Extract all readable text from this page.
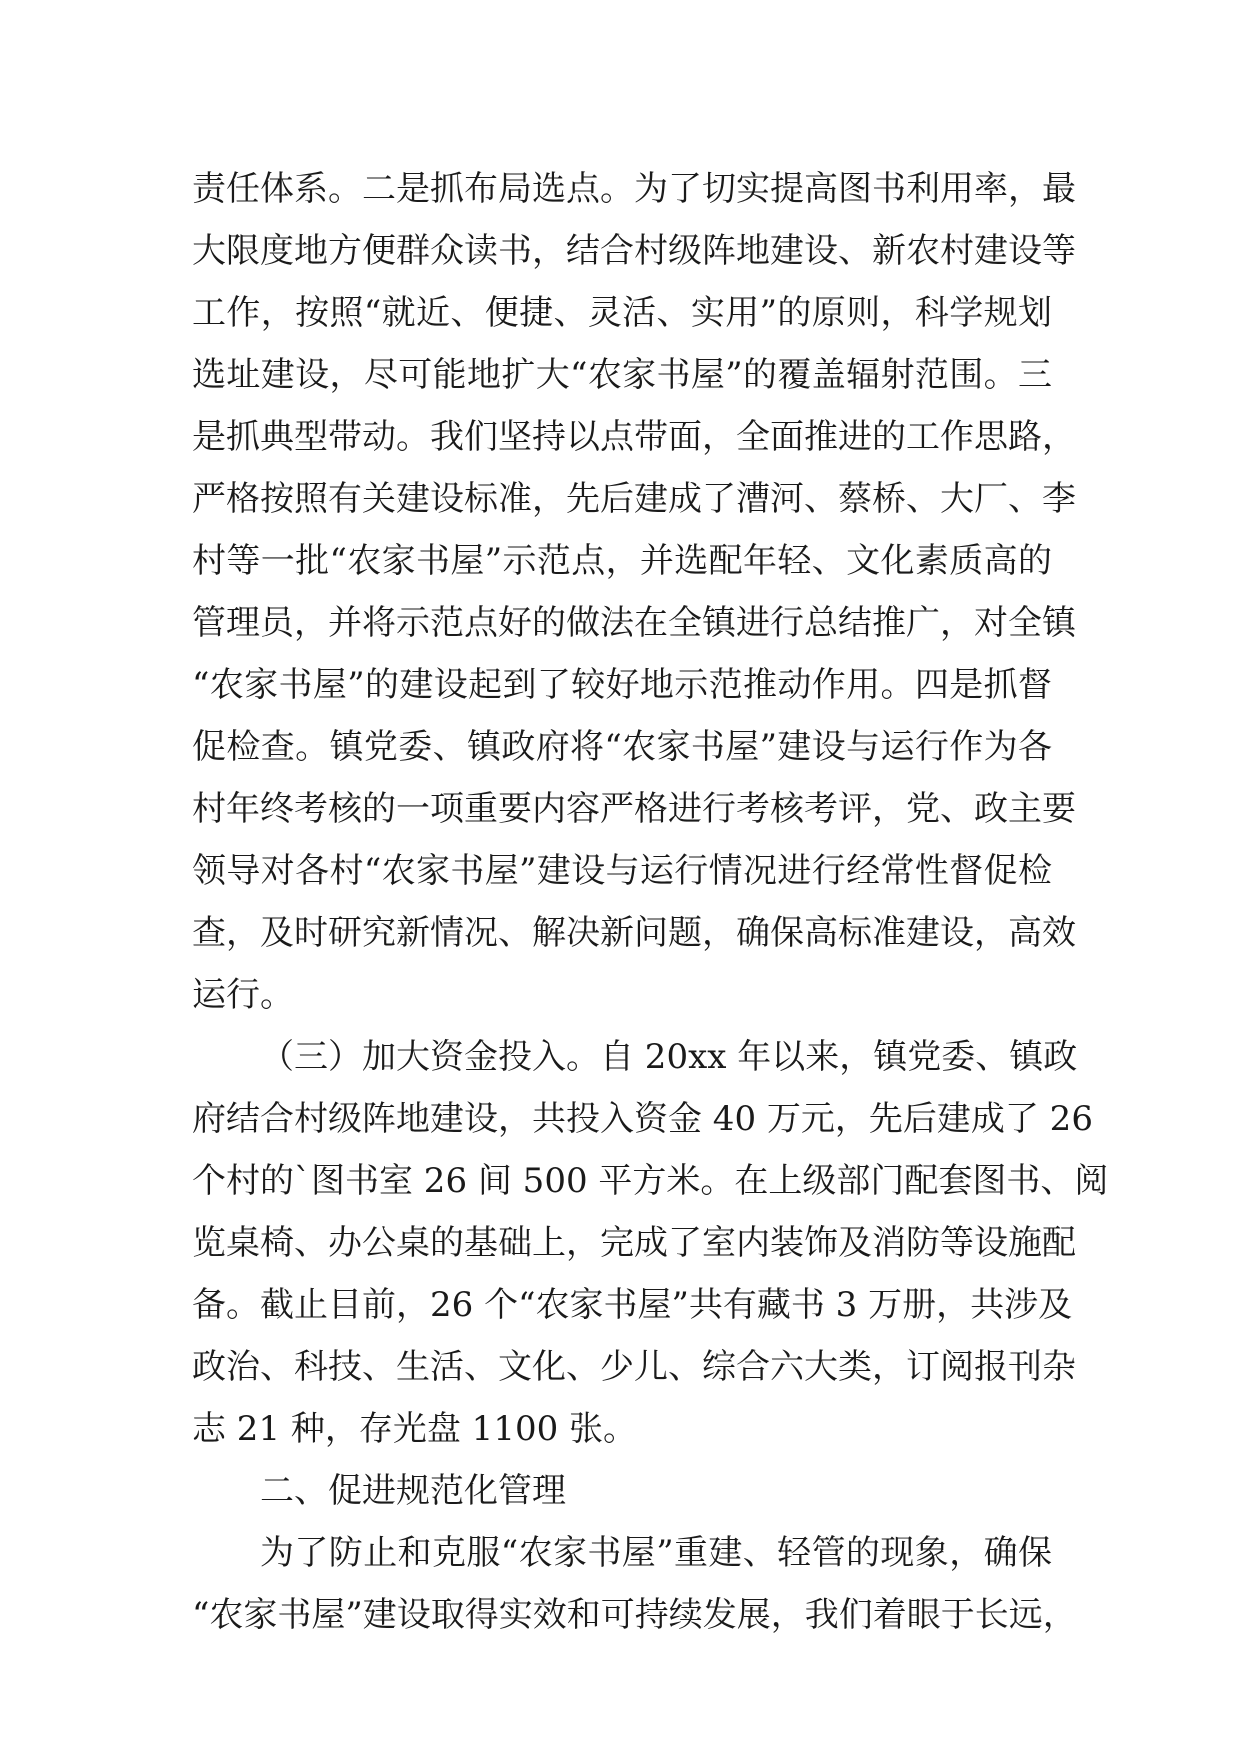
责任体系。二是抓布局选点。为了切实提高图书利用率，最
大限度地方便群众读书，结合村级阵地建设、新农村建设等
工作，按照“就近、便捷、灵活、实用”的原则，科学规划
选址建设，尽可能地扩大“农家书屋”的覆盖辐射范围。三
是抓典型带动。我们坚持以点带面，全面推进的工作思路，
严格按照有关建设标准，先后建成了漕河、蔡桥、大厂、李
村等一批“农家书屋”示范点，并选配年轻、文化素质高的
管理员，并将示范点好的做法在全镇进行总结推广，对全镇
“农家书屋”的建设起到了较好地示范推动作用。四是抓督
促检查。镇党委、镇政府将“农家书屋”建设与运行作为各
村年终考核的一项重要内容严格进行考核考评，党、政主要
领导对各村“农家书屋”建设与运行情况进行经常性督促检
查，及时研究新情况、解决新问题，确保高标准建设，高效
运行。
（三）加大资金投入。自 20xx 年以来，镇党委、镇政
府结合村级阵地建设，共投入资金 40 万元，先后建成了 26
个村的`图书室 26 间 500 平方米。在上级部门配套图书、阅
览桌椅、办公桌的基础上，完成了室内装饰及消防等设施配
备。截止目前，26 个“农家书屋”共有藏书 3 万册，共涉及
政治、科技、生活、文化、少儿、综合六大类，订阅报刊杂
志 21 种，存光盘 1100 张。
二、促进规范化管理
为了防止和克服“农家书屋”重建、轻管的现象，确保
“农家书屋”建设取得实效和可持续发展，我们着眼于长远，
